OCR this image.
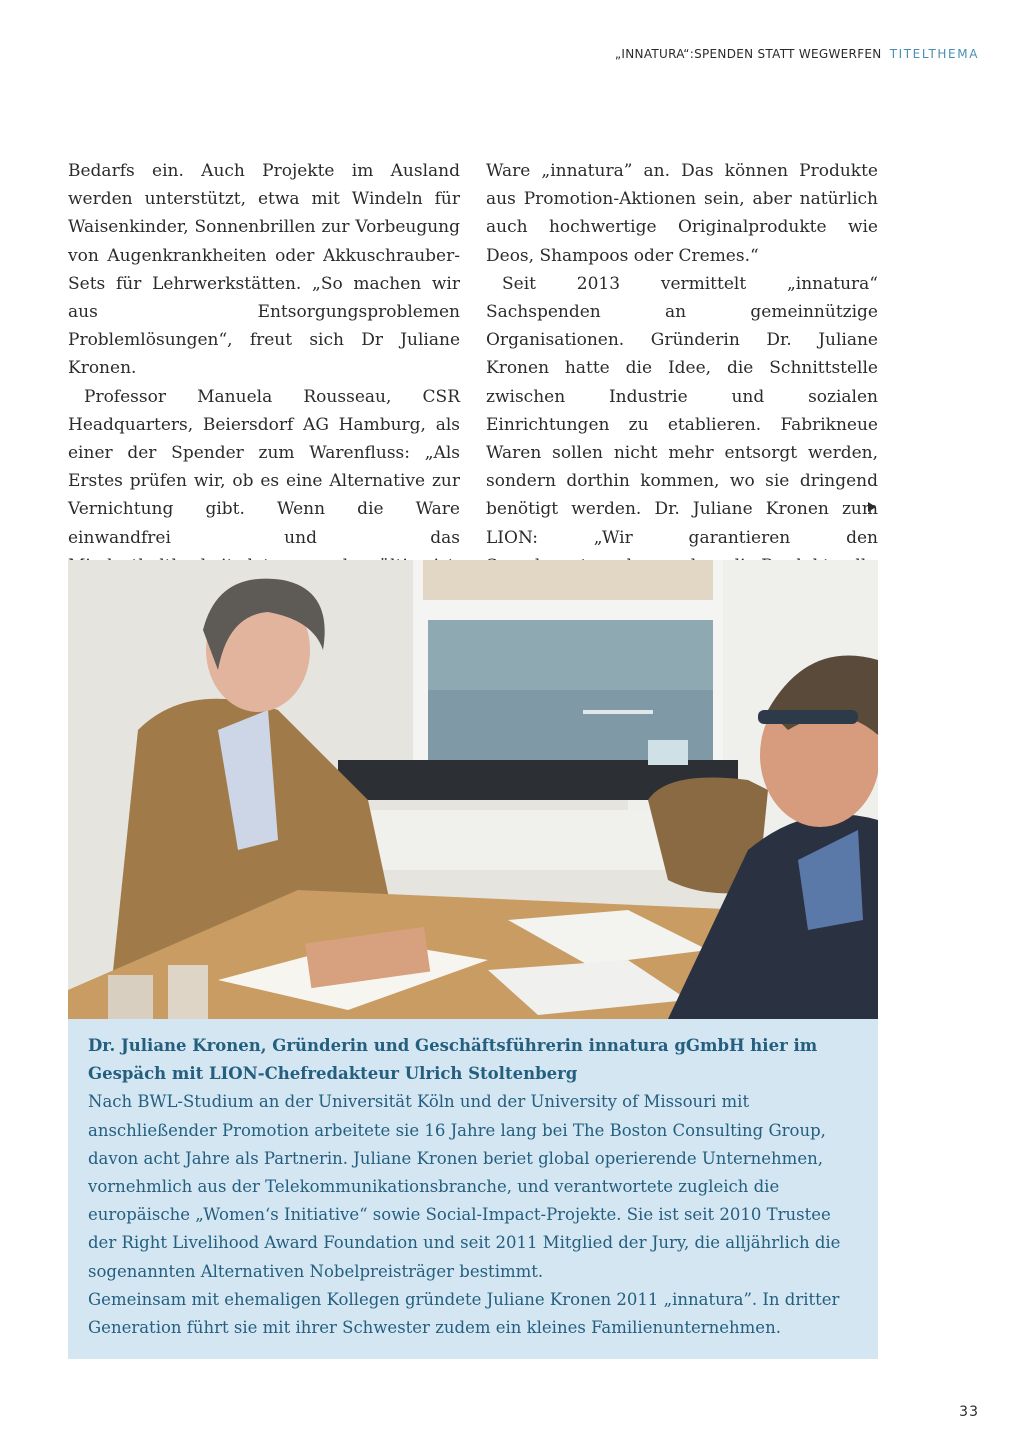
„INNATURA“:SPENDEN STATT WEGWERFEN TITELTHEMA

Bedarfs ein. Auch Projekte im Ausland werden unterstützt, etwa mit Windeln für Waisenkinder, Sonnenbrillen zur Vorbeugung von Augenkrankheiten oder Akkuschrauber-Sets für Lehrwerkstätten. „So machen wir aus Entsorgungsproblemen Problemlösungen“, freut sich Dr Juliane Kronen.

Professor Manuela Rousseau, CSR Headquarters, Beiersdorf AG Hamburg, als einer der Spender zum Warenfluss: „Als Erstes prüfen wir, ob es eine Alternative zur Vernichtung gibt. Wenn die Ware einwandfrei und das

Ware „innatura” an. Das können Produkte aus Promotion-Aktionen sein, aber natürlich auch hochwertige Originalprodukte wie Deos, Shampoos oder Cremes.“

Seit 2013 vermittelt „innatura“ Sachspenden an gemeinnützige Organisationen. Gründerin Dr. Juliane Kronen hatte die Idee, die Schnittstelle zwischen Industrie und sozialen Einrichtungen zu etablieren. Fabrikneue Waren sollen nicht mehr entsorgt werden, sondern dorthin kommen, wo sie dringend benötigt werden. Dr. Juliane Kronen zum LION: „Wir garantieren den

Dr. Juliane Kronen, Gründerin und Geschäftsführerin innatura gGmbH hier im Gespäch mit LION-Chefredakteur Ulrich Stoltenberg

Nach BWL-Studium an der Universität Köln und der University of Missouri mit anschließender Promotion arbeitete sie 16 Jahre lang bei The Boston Consulting Group, davon acht Jahre als Partnerin. Juliane Kronen beriet global operierende Unternehmen, vornehmlich aus der Telekommunikationsbranche, und verantwortete zugleich die europäische „Women‘s Initiative“ sowie Social-Impact-Projekte. Sie ist seit 2010 Trustee der Right Livelihood Award Foundation und seit 2011 Mitglied der Jury, die alljährlich die sogenannten Alternativen Nobelpreisträger bestimmt.

Gemeinsam mit ehemaligen Kollegen gründete Juliane Kronen 2011 „innatura”. In dritter Generation führt sie mit ihrer Schwester zudem ein kleines Familienunternehmen.

33
